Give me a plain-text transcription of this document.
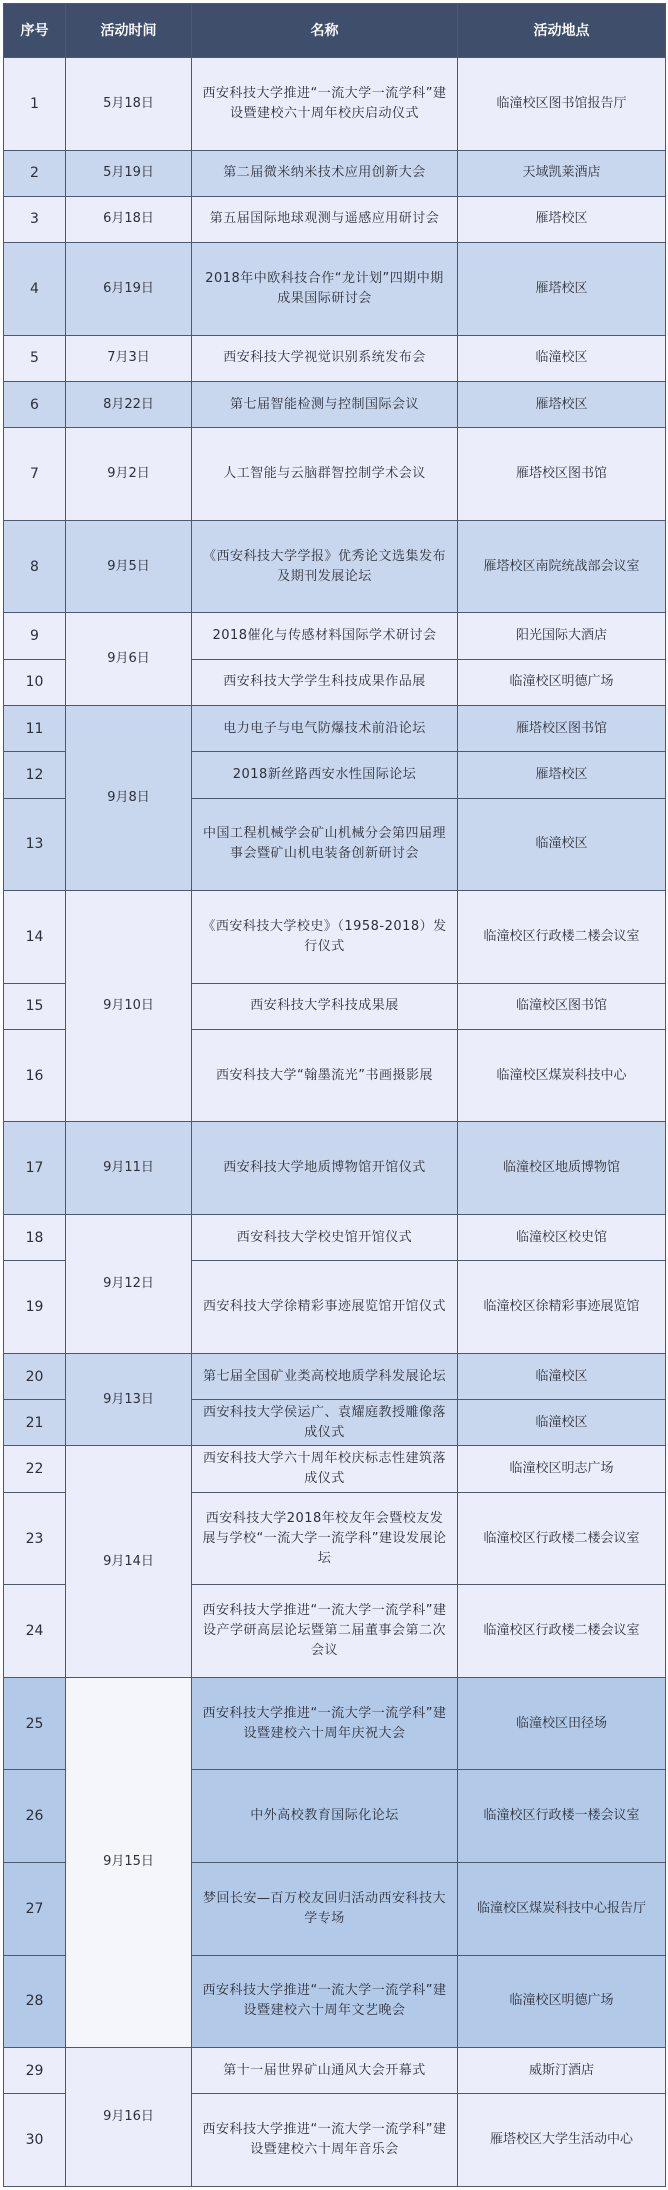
序号	活动时间	名称	活动地点
1	5月18日	西安科技大学推进“一流大学一流学科”建设暨建校六十周年校庆启动仪式	临潼校区图书馆报告厅
2	5月19日	第二届微米纳米技术应用创新大会	天域凯莱酒店
3	6月18日	第五届国际地球观测与遥感应用研讨会	雁塔校区
4	6月19日	2018年中欧科技合作“龙计划”四期中期成果国际研讨会	雁塔校区
5	7月3日	西安科技大学视觉识别系统发布会	临潼校区
6	8月22日	第七届智能检测与控制国际会议	雁塔校区
7	9月2日	人工智能与云脑群智控制学术会议	雁塔校区图书馆
8	9月5日	《西安科技大学学报》优秀论文选集发布及期刊发展论坛	雁塔校区南院统战部会议室
9	9月6日	2018催化与传感材料国际学术研讨会	阳光国际大酒店
10		西安科技大学学生科技成果作品展	临潼校区明德广场
11	9月8日	电力电子与电气防爆技术前沿论坛	雁塔校区图书馆
12		2018新丝路西安水性国际论坛	雁塔校区
13		中国工程机械学会矿山机械分会第四届理事会暨矿山机电装备创新研讨会	临潼校区
14	9月10日	《西安科技大学校史》（1958-2018）发行仪式	临潼校区行政楼二楼会议室
15		西安科技大学科技成果展	临潼校区图书馆
16		西安科技大学“翰墨流光”书画摄影展	临潼校区煤炭科技中心
17	9月11日	西安科技大学地质博物馆开馆仪式	临潼校区地质博物馆
18	9月12日	西安科技大学校史馆开馆仪式	临潼校区校史馆
19		西安科技大学徐精彩事迹展览馆开馆仪式	临潼校区徐精彩事迹展览馆
20	9月13日	第七届全国矿业类高校地质学科发展论坛	临潼校区
21		西安科技大学侯运广、袁耀庭教授雕像落成仪式	临潼校区
22	9月14日	西安科技大学六十周年校庆标志性建筑落成仪式	临潼校区明志广场
23		西安科技大学2018年校友年会暨校友发展与学校“一流大学一流学科”建设发展论坛	临潼校区行政楼二楼会议室
24		西安科技大学推进“一流大学一流学科”建设产学研高层论坛暨第二届董事会第二次会议	临潼校区行政楼二楼会议室
25	9月15日	西安科技大学推进“一流大学一流学科”建设暨建校六十周年庆祝大会	临潼校区田径场
26		中外高校教育国际化论坛	临潼校区行政楼一楼会议室
27		梦回长安—百万校友回归活动西安科技大学专场	临潼校区煤炭科技中心报告厅
28		西安科技大学推进“一流大学一流学科”建设暨建校六十周年文艺晚会	临潼校区明德广场
29	9月16日	第十一届世界矿山通风大会开幕式	威斯汀酒店
30		西安科技大学推进“一流大学一流学科”建设暨建校六十周年音乐会	雁塔校区大学生活动中心
